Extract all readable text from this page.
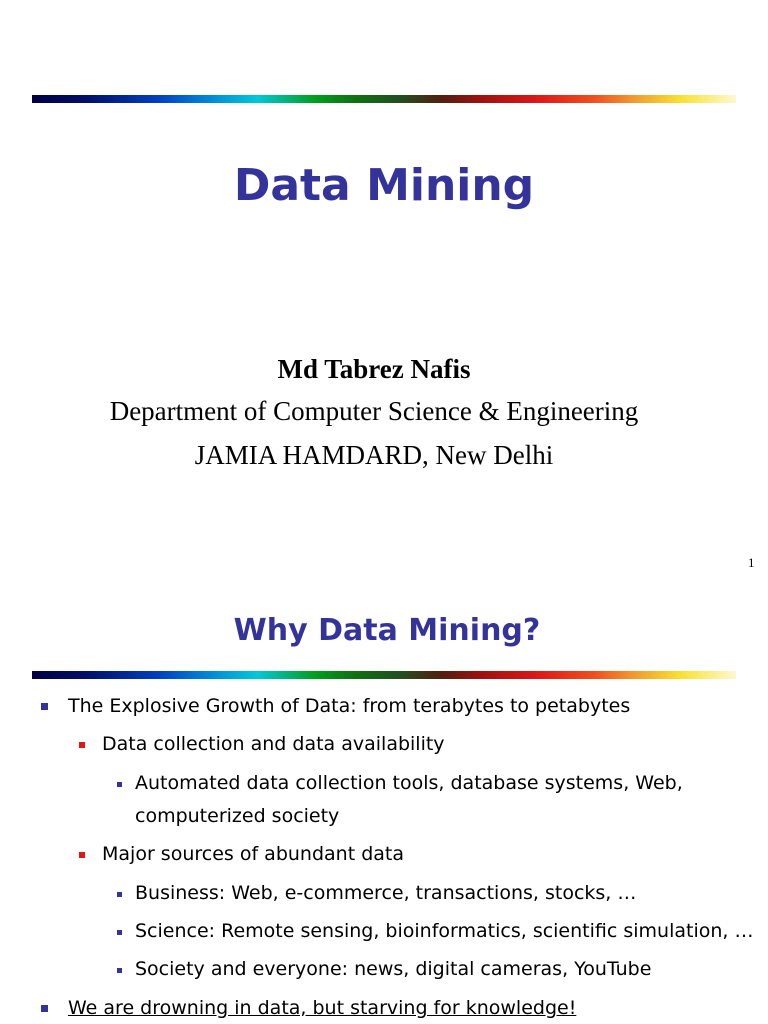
Data Mining
Md Tabrez Nafis
Department of Computer Science & Engineering
JAMIA HAMDARD, New Delhi
1
Why Data Mining?
The Explosive Growth of Data: from terabytes to petabytes
Data collection and data availability
Automated data collection tools, database systems, Web,
computerized society
Major sources of abundant data
Business: Web, e-commerce, transactions, stocks, …
Science: Remote sensing, bioinformatics, scientific simulation, …
Society and everyone: news, digital cameras, YouTube
We are drowning in data, but starving for knowledge!
